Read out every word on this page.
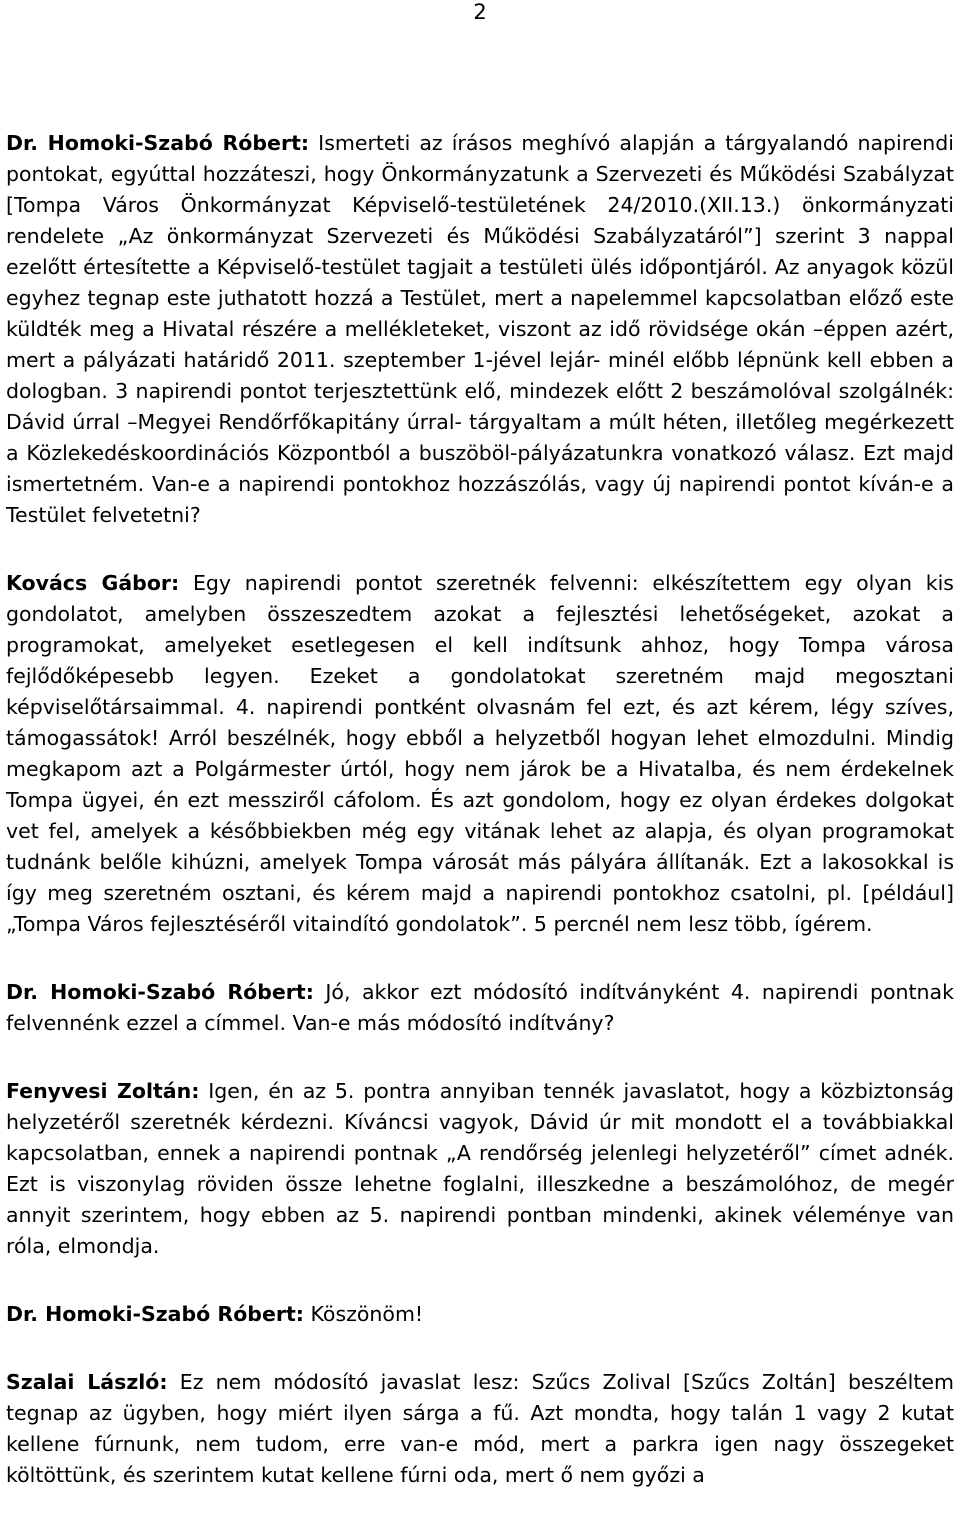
2

Dr. Homoki-Szabó Róbert: Ismerteti az írásos meghívó alapján a tárgyalandó napirendi pontokat, egyúttal hozzáteszi, hogy Önkormányzatunk a Szervezeti és Működési Szabályzat [Tompa Város Önkormányzat Képviselő-testületének 24/2010.(XII.13.) önkormányzati rendelete „Az önkormányzat Szervezeti és Működési Szabályzatáról”] szerint 3 nappal ezelőtt értesítette a Képviselő-testület tagjait a testületi ülés időpontjáról. Az anyagok közül egyhez tegnap este juthatott hozzá a Testület, mert a napelemmel kapcsolatban előző este küldték meg a Hivatal részére a mellékleteket, viszont az idő rövidsége okán –éppen azért, mert a pályázati határidő 2011. szeptember 1-jével lejár- minél előbb lépnünk kell ebben a dologban. 3 napirendi pontot terjesztettünk elő, mindezek előtt 2 beszámolóval szolgálnék: Dávid úrral –Megyei Rendőrfőkapitány úrral- tárgyaltam a múlt héten, illetőleg megérkezett a Közlekedéskoordinációs Központból a buszöböl-pályázatunkra vonatkozó válasz. Ezt majd ismertetném. Van-e a napirendi pontokhoz hozzászólás, vagy új napirendi pontot kíván-e a Testület felvetetni?

Kovács Gábor: Egy napirendi pontot szeretnék felvenni: elkészítettem egy olyan kis gondolatot, amelyben összeszedtem azokat a fejlesztési lehetőségeket, azokat a programokat, amelyeket esetlegesen el kell indítsunk ahhoz, hogy Tompa városa fejlődőképesebb legyen. Ezeket a gondolatokat szeretném majd megosztani képviselőtársaimmal. 4. napirendi pontként olvasnám fel ezt, és azt kérem, légy szíves, támogassátok! Arról beszélnék, hogy ebből a helyzetből hogyan lehet elmozdulni. Mindig megkapom azt a Polgármester úrtól, hogy nem járok be a Hivatalba, és nem érdekelnek Tompa ügyei, én ezt messziről cáfolom. És azt gondolom, hogy ez olyan érdekes dolgokat vet fel, amelyek a későbbiekben még egy vitának lehet az alapja, és olyan programokat tudnánk belőle kihúzni, amelyek Tompa városát más pályára állítanák. Ezt a lakosokkal is így meg szeretném osztani, és kérem majd a napirendi pontokhoz csatolni, pl. [például] „Tompa Város fejlesztéséről vitaindító gondolatok”. 5 percnél nem lesz több, ígérem.

Dr. Homoki-Szabó Róbert: Jó, akkor ezt módosító indítványként 4. napirendi pontnak felvennénk ezzel a címmel. Van-e más módosító indítvány?

Fenyvesi Zoltán: Igen, én az 5. pontra annyiban tennék javaslatot, hogy a közbiztonság helyzetéről szeretnék kérdezni. Kíváncsi vagyok, Dávid úr mit mondott el a továbbiakkal kapcsolatban, ennek a napirendi pontnak „A rendőrség jelenlegi helyzetéről” címet adnék. Ezt is viszonylag röviden össze lehetne foglalni, illeszkedne a beszámolóhoz, de megér annyit szerintem, hogy ebben az 5. napirendi pontban mindenki, akinek véleménye van róla, elmondja.

Dr. Homoki-Szabó Róbert: Köszönöm!

Szalai László: Ez nem módosító javaslat lesz: Szűcs Zolival [Szűcs Zoltán] beszéltem tegnap az ügyben, hogy miért ilyen sárga a fű. Azt mondta, hogy talán 1 vagy 2 kutat kellene fúrnunk, nem tudom, erre van-e mód, mert a parkra igen nagy összegeket költöttünk, és szerintem kutat kellene fúrni oda, mert ő nem győzi a
